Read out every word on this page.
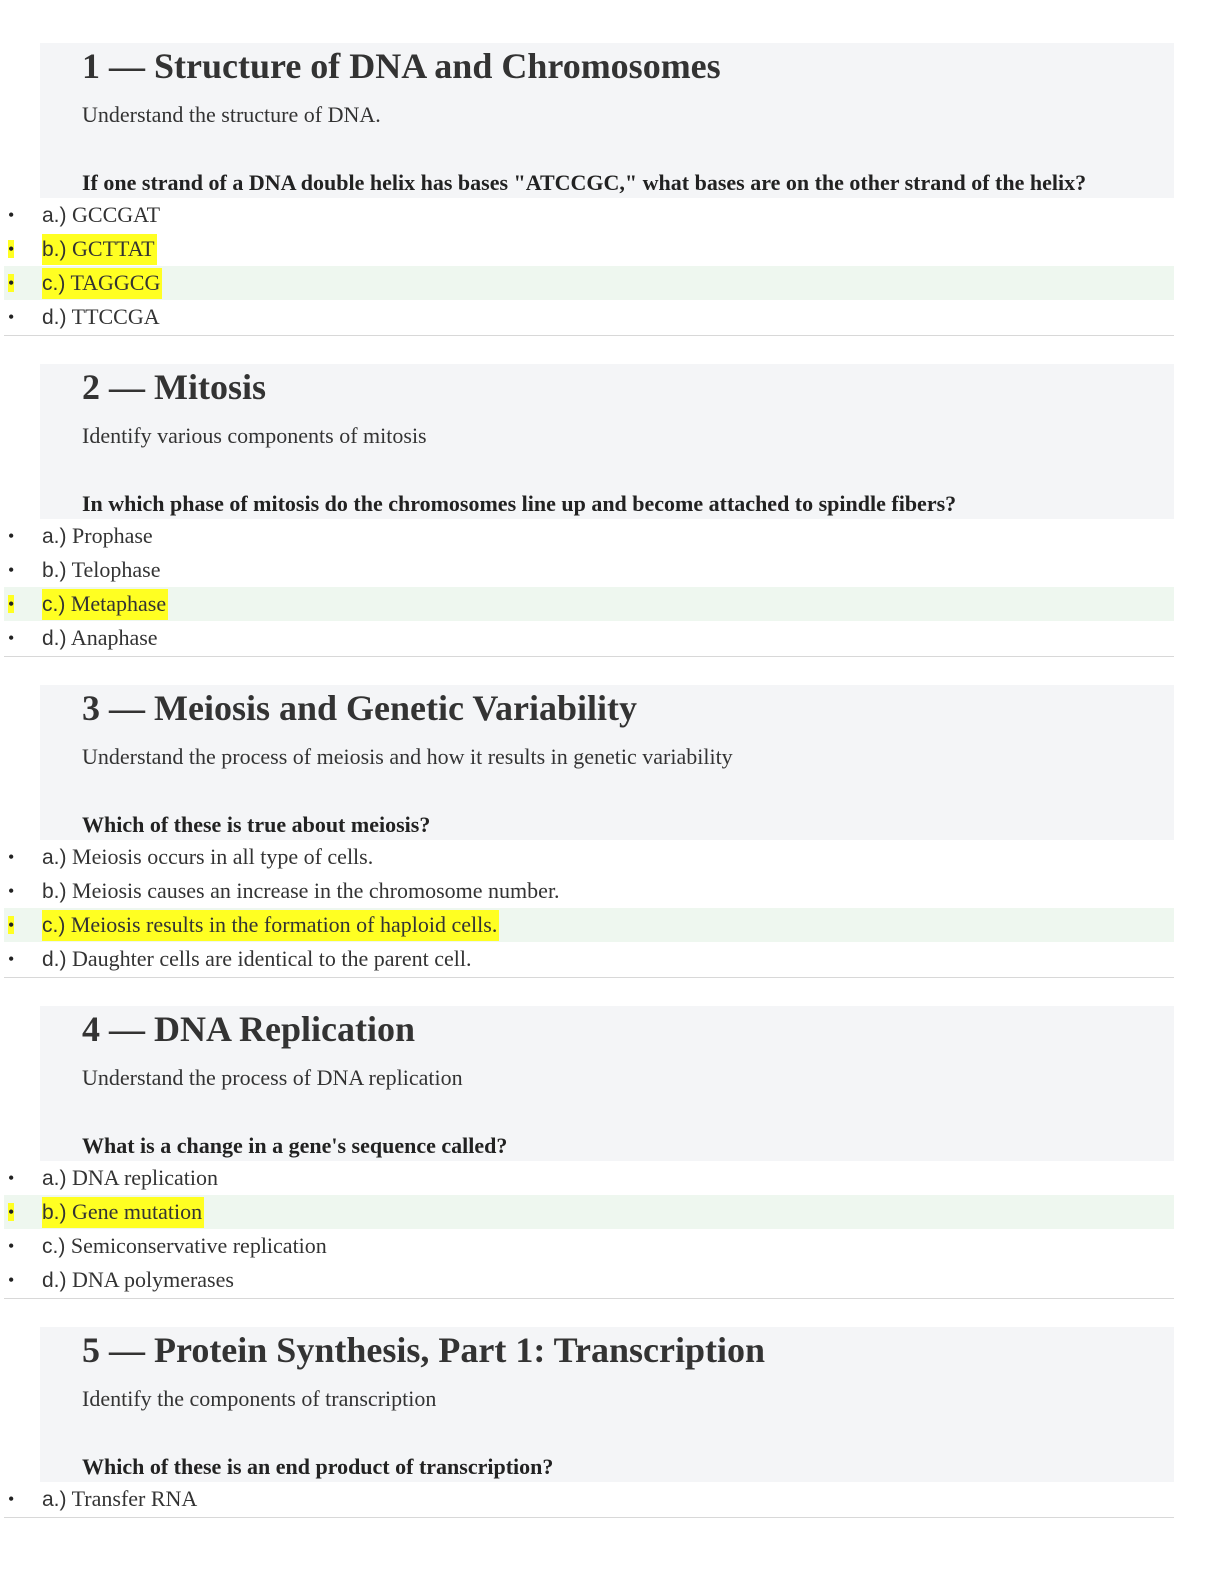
1 — Structure of DNA and Chromosomes

Understand the structure of DNA.

If one strand of a DNA double helix has bases "ATCCGC," what bases are on the other strand of the helix?

• a.) GCCGAT
• b.) GCTTAT
• c.) TAGGCG
• d.) TTCCGA
2 — Mitosis

Identify various components of mitosis

In which phase of mitosis do the chromosomes line up and become attached to spindle fibers?

• a.) Prophase
• b.) Telophase
• c.) Metaphase
• d.) Anaphase
3 — Meiosis and Genetic Variability

Understand the process of meiosis and how it results in genetic variability

Which of these is true about meiosis?

• a.) Meiosis occurs in all type of cells.
• b.) Meiosis causes an increase in the chromosome number.
• c.) Meiosis results in the formation of haploid cells.
• d.) Daughter cells are identical to the parent cell.
4 — DNA Replication

Understand the process of DNA replication

What is a change in a gene's sequence called?

• a.) DNA replication
• b.) Gene mutation
• c.) Semiconservative replication
• d.) DNA polymerases
5 — Protein Synthesis, Part 1: Transcription

Identify the components of transcription

Which of these is an end product of transcription?

• a.) Transfer RNA
